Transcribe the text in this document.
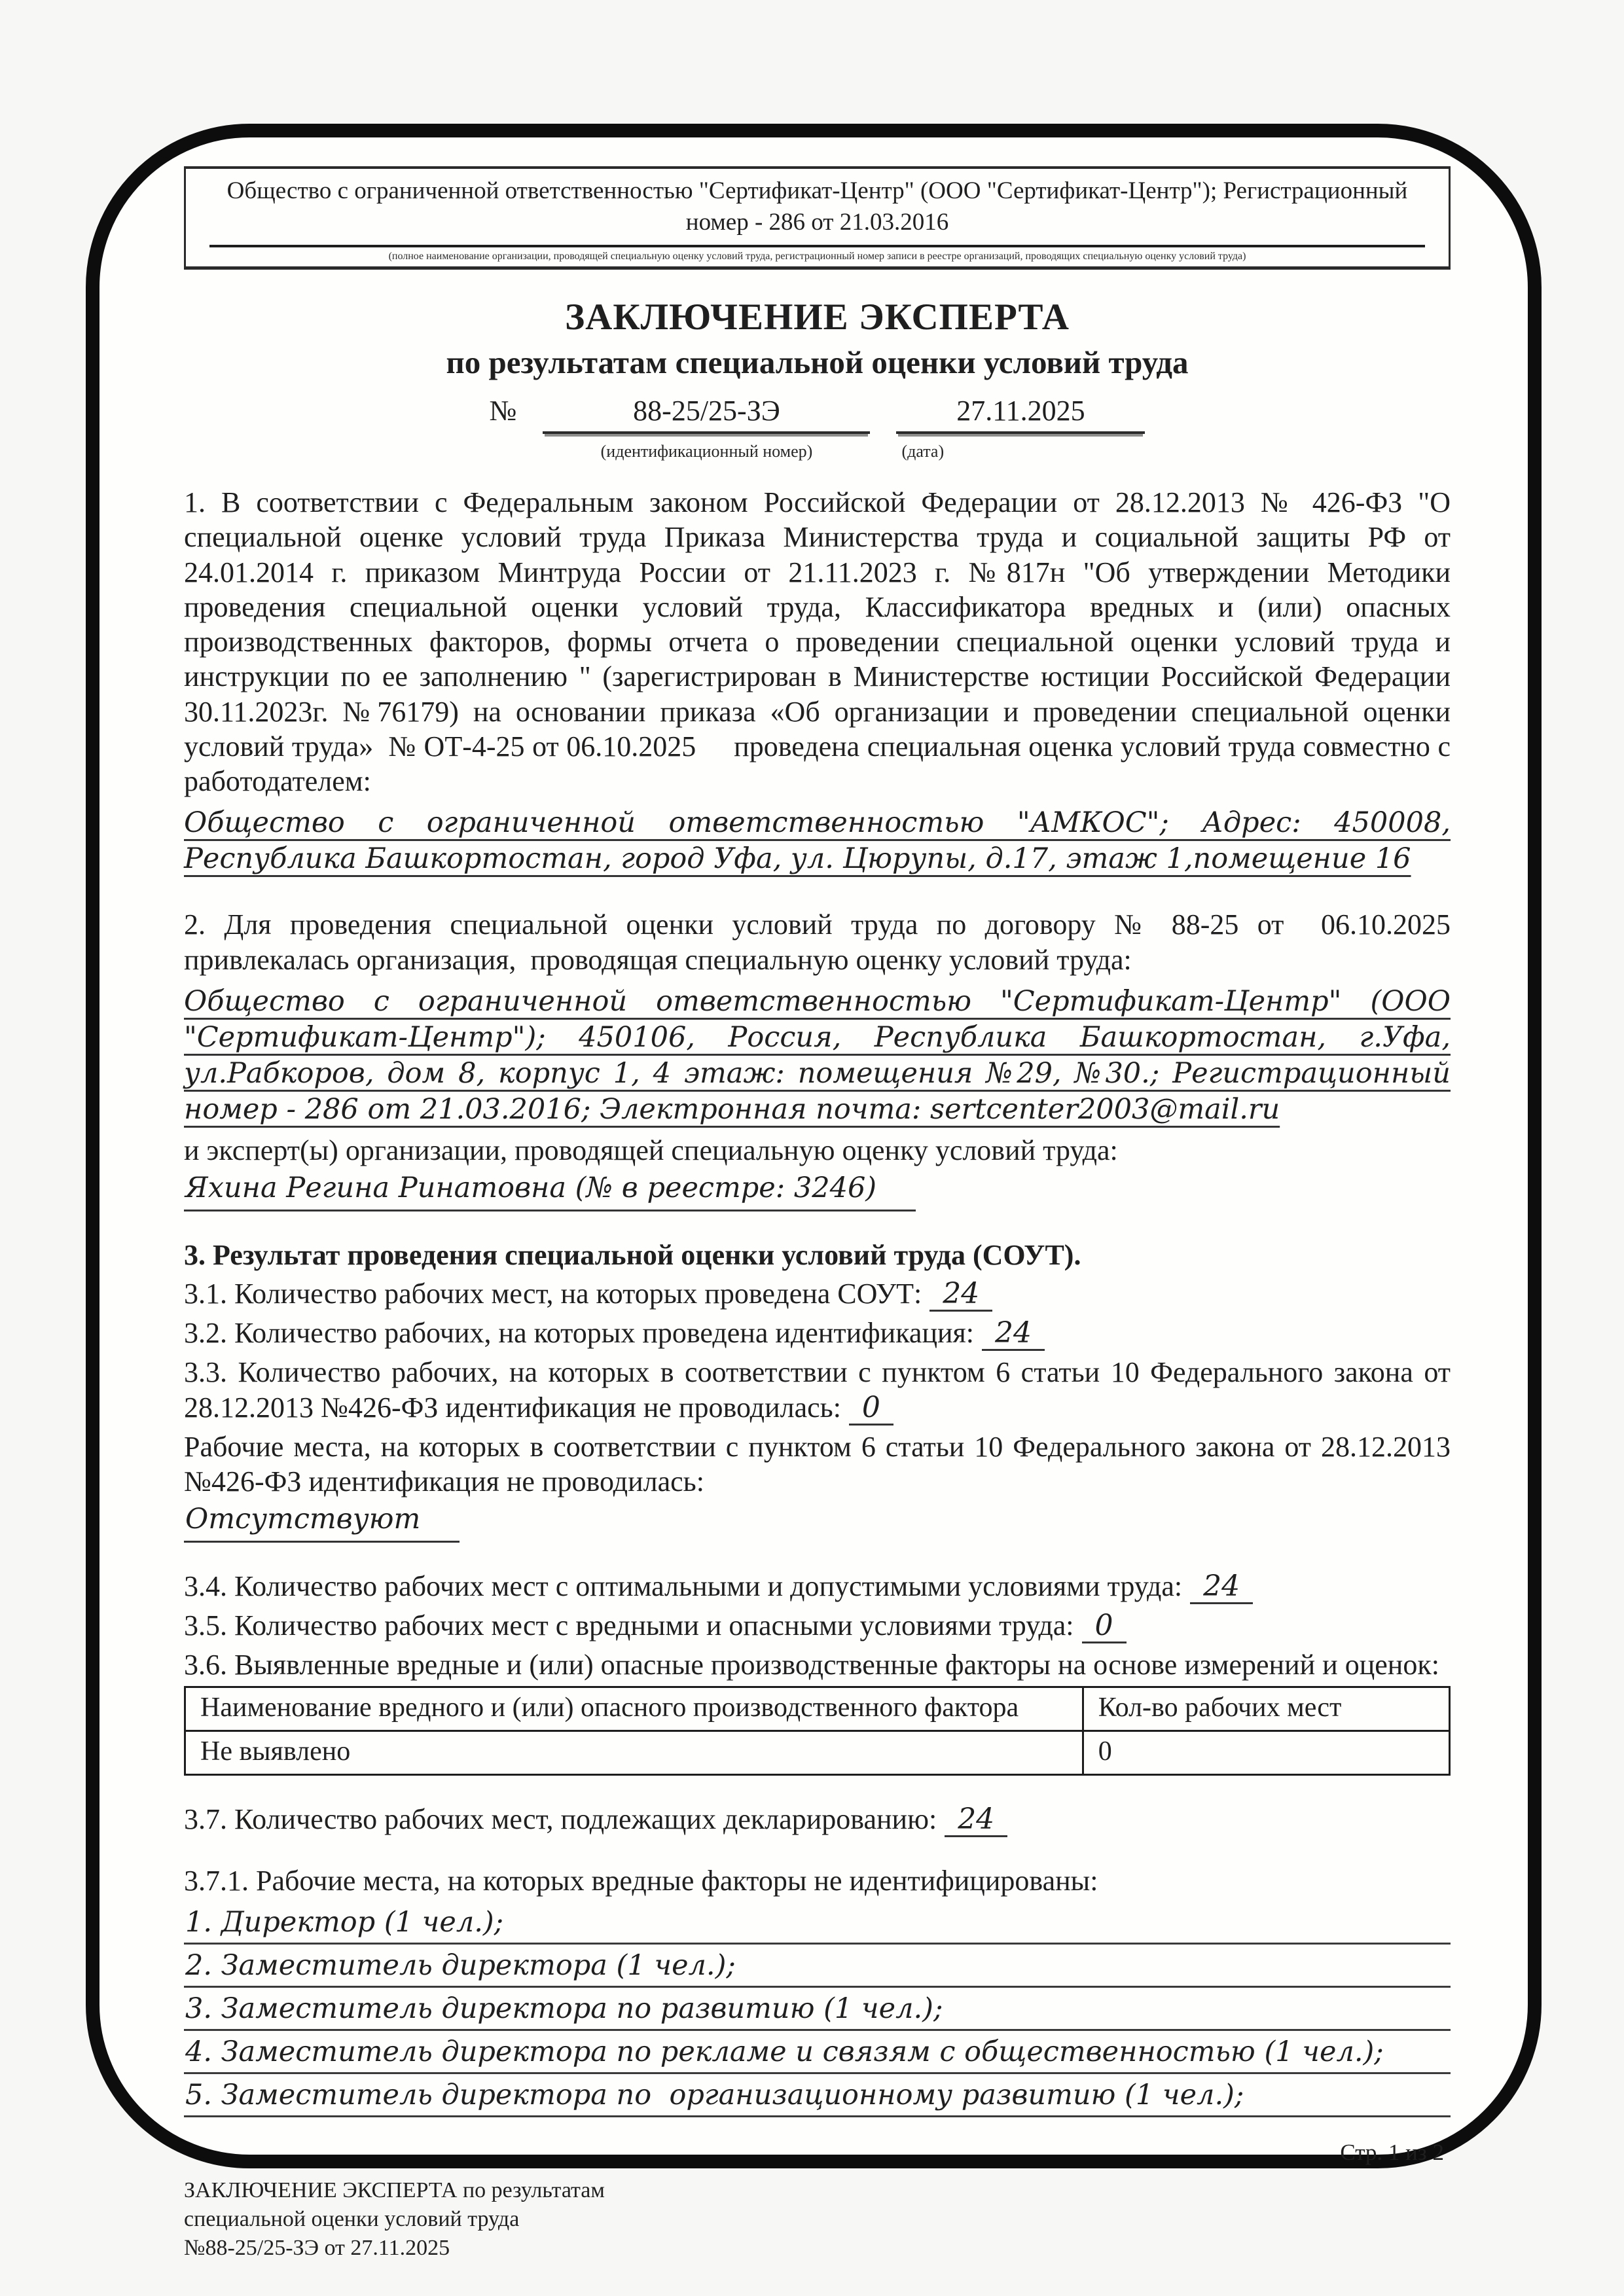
Общество с ограниченной ответственностью "Сертификат-Центр" (ООО "Сертификат-Центр"); Регистрационный номер - 286 от 21.03.2016
(полное наименование организации, проводящей специальную оценку условий труда, регистрационный номер записи в реестре организаций, проводящих специальную оценку условий труда)
ЗАКЛЮЧЕНИЕ ЭКСПЕРТА
по результатам специальной оценки условий труда
№	88-25/25-ЗЭ
(идентификационный номер)
27.11.2025
(дата)

1. В соответствии с Федеральным законом Российской Федерации от 28.12.2013 № 426-ФЗ "О специальной оценке условий труда Приказа Министерства труда и социальной защиты РФ от 24.01.2014 г. приказом Минтруда России от 21.11.2023 г. №817н "Об утверждении Методики проведения специальной оценки условий труда, Классификатора вредных и (или) опасных производственных факторов, формы отчета о проведении специальной оценки условий труда и инструкции по ее заполнению " (зарегистрирован в Министерстве юстиции Российской Федерации 30.11.2023г. №76179) на основании приказа «Об организации и проведении специальной оценки условий труда»  № ОТ-4-25 от 06.10.2025     проведена специальная оценка условий труда совместно с работодателем:

Общество с ограниченной ответственностью "АМКОС"; Адрес: 450008, Республика Башкортостан, город Уфа, ул. Цюрупы, д.17, этаж 1,помещение 16

2. Для проведения специальной оценки условий труда по договору № 88-25 от  06.10.2025 привлекалась организация,  проводящая специальную оценку условий труда:

Общество с ограниченной ответственностью "Сертификат-Центр" (ООО "Сертификат-Центр"); 450106, Россия, Республика Башкортостан, г.Уфа, ул.Рабкоров, дом 8, корпус 1, 4 этаж: помещения №29, №30.; Регистрационный номер - 286 от 21.03.2016; Электронная почта: sertcenter2003@mail.ru

и эксперт(ы) организации, проводящей специальную оценку условий труда:

Яхина Регина Ринатовна (№ в реестре: 3246)

3. Результат проведения специальной оценки условий труда (СОУТ).

3.1. Количество рабочих мест, на которых проведена СОУТ: 24

3.2. Количество рабочих, на которых проведена идентификация: 24

3.3. Количество рабочих, на которых в соответствии с пунктом 6 статьи 10 Федерального закона от 28.12.2013 №426-ФЗ идентификация не проводилась: 0

Рабочие места, на которых в соответствии с пунктом 6 статьи 10 Федерального закона от 28.12.2013 №426-ФЗ идентификация не проводилась:

Отсутствуют

3.4. Количество рабочих мест с оптимальными и допустимыми условиями труда: 24

3.5. Количество рабочих мест с вредными и опасными условиями труда: 0

3.6. Выявленные вредные и (или) опасные производственные факторы на основе измерений и оценок:

Наименование вредного и (или) опасного производственного фактора	Кол-во рабочих мест
Не выявлено	0

3.7. Количество рабочих мест, подлежащих декларированию: 24

3.7.1. Рабочие места, на которых вредные факторы не идентифицированы:

1. Директор (1 чел.);
2. Заместитель директора (1 чел.);
3. Заместитель директора по развитию (1 чел.);
4. Заместитель директора по рекламе и связям с общественностью (1 чел.);
5. Заместитель директора по  организационному развитию (1 чел.);
Стр. 1 из 2
ЗАКЛЮЧЕНИЕ ЭКСПЕРТА по результатам
специальной оценки условий труда
№88-25/25-ЗЭ от 27.11.2025
